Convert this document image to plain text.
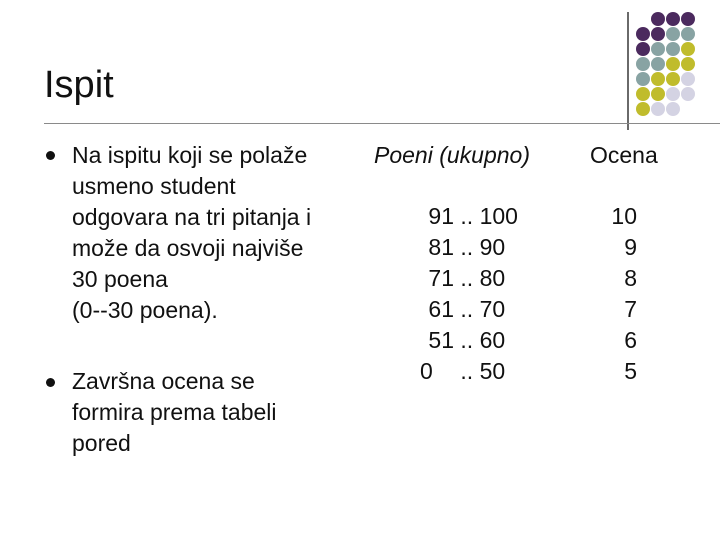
Ispit

Na ispitu koji se polaže
usmeno student
odgovara na tri pitanja i
može da osvoji najviše
30 poena
(0--30 poena).

Završna ocena se
formira prema tabeli
pored

Poeni (ukupno)	Ocena
91 .. 100	10
81 .. 90	9
71 .. 80	8
61 .. 70	7
51 .. 60	6
0 .. 50	5
